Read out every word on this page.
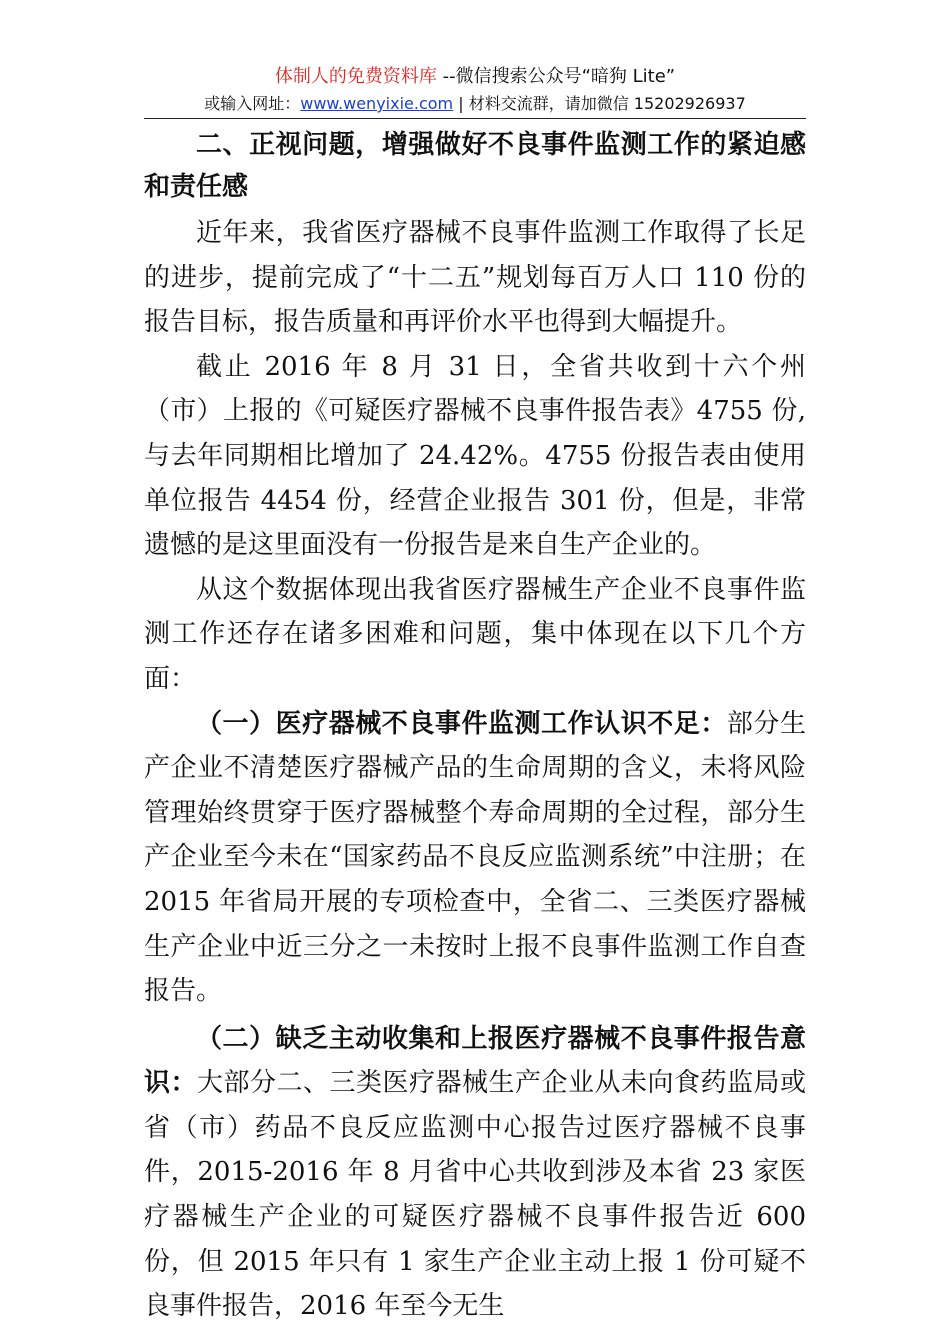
体制人的免费资料库 --微信搜索公众号“暗狗 Lite”
或输入网址：www.wenyixie.com | 材料交流群，请加微信 15202926937

二、正视问题，增强做好不良事件监测工作的紧迫感和责任感

近年来，我省医疗器械不良事件监测工作取得了长足的进步，提前完成了“十二五”规划每百万人口 110 份的报告目标，报告质量和再评价水平也得到大幅提升。

截止 2016 年 8 月 31 日，全省共收到十六个州（市）上报的《可疑医疗器械不良事件报告表》4755 份,与去年同期相比增加了 24.42%。4755 份报告表由使用单位报告 4454 份，经营企业报告 301 份，但是，非常遗憾的是这里面没有一份报告是来自生产企业的。

从这个数据体现出我省医疗器械生产企业不良事件监测工作还存在诸多困难和问题，集中体现在以下几个方面：

（一）医疗器械不良事件监测工作认识不足：部分生产企业不清楚医疗器械产品的生命周期的含义，未将风险管理始终贯穿于医疗器械整个寿命周期的全过程，部分生产企业至今未在“国家药品不良反应监测系统”中注册；在 2015 年省局开展的专项检查中，全省二、三类医疗器械生产企业中近三分之一未按时上报不良事件监测工作自查报告。

（二）缺乏主动收集和上报医疗器械不良事件报告意识：大部分二、三类医疗器械生产企业从未向食药监局或省（市）药品不良反应监测中心报告过医疗器械不良事件，2015-2016 年 8 月省中心共收到涉及本省 23 家医疗器械生产企业的可疑医疗器械不良事件报告近 600 份，但 2015 年只有 1 家生产企业主动上报 1 份可疑不良事件报告，2016 年至今无生
